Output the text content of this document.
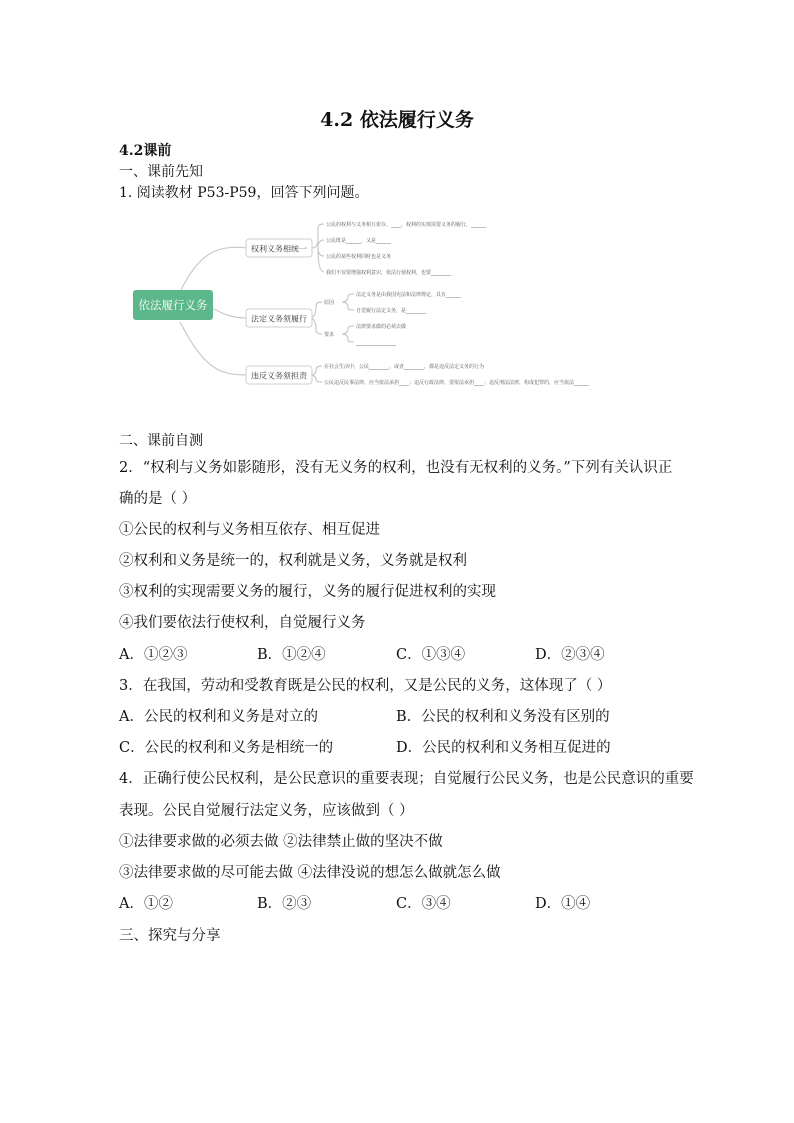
4.2 依法履行义务
4.2课前
一、课前先知
1. 阅读教材 P53-P59，回答下列问题。
依法履行义务
权利义务相统一
法定义务须履行
违反义务须担责
公民的权利与义务相互依存、____，权利的实现需要义务的履行，______
公民既是______，又是______
公民的某些权利同时也是义务
我们不仅要增强权利意识，依法行使权利，也要________
原因
法定义务是由我国宪法和法律规定，具有______
自觉履行法定义务，是________
要求
法律要求做的必须去做
________________
在社会生活中，公民________，或者________，都是违反法定义务的行为
公民违反民事法律，应当依法承担____；违反行政法律，要依法承担____；违反刑法法律，构成犯罪的，应当依法______
二、课前自测
2．“权利与义务如影随形，没有无义务的权利，也没有无权利的义务。”下列有关认识正
确的是（ ）
①公民的权利与义务相互依存、相互促进
②权利和义务是统一的，权利就是义务，义务就是权利
③权利的实现需要义务的履行，义务的履行促进权利的实现
④我们要依法行使权利，自觉履行义务
A．①②③	B．①②④	C．①③④	D．②③④
3．在我国，劳动和受教育既是公民的权利，又是公民的义务，这体现了（ ）
A．公民的权利和义务是对立的	B．公民的权利和义务没有区别的
C．公民的权利和义务是相统一的	D．公民的权利和义务相互促进的
4．正确行使公民权利，是公民意识的重要表现；自觉履行公民义务，也是公民意识的重要
表现。公民自觉履行法定义务，应该做到（ ）
①法律要求做的必须去做 ②法律禁止做的坚决不做
③法律要求做的尽可能去做 ④法律没说的想怎么做就怎么做
A．①②	B．②③	C．③④	D．①④
三、探究与分享
